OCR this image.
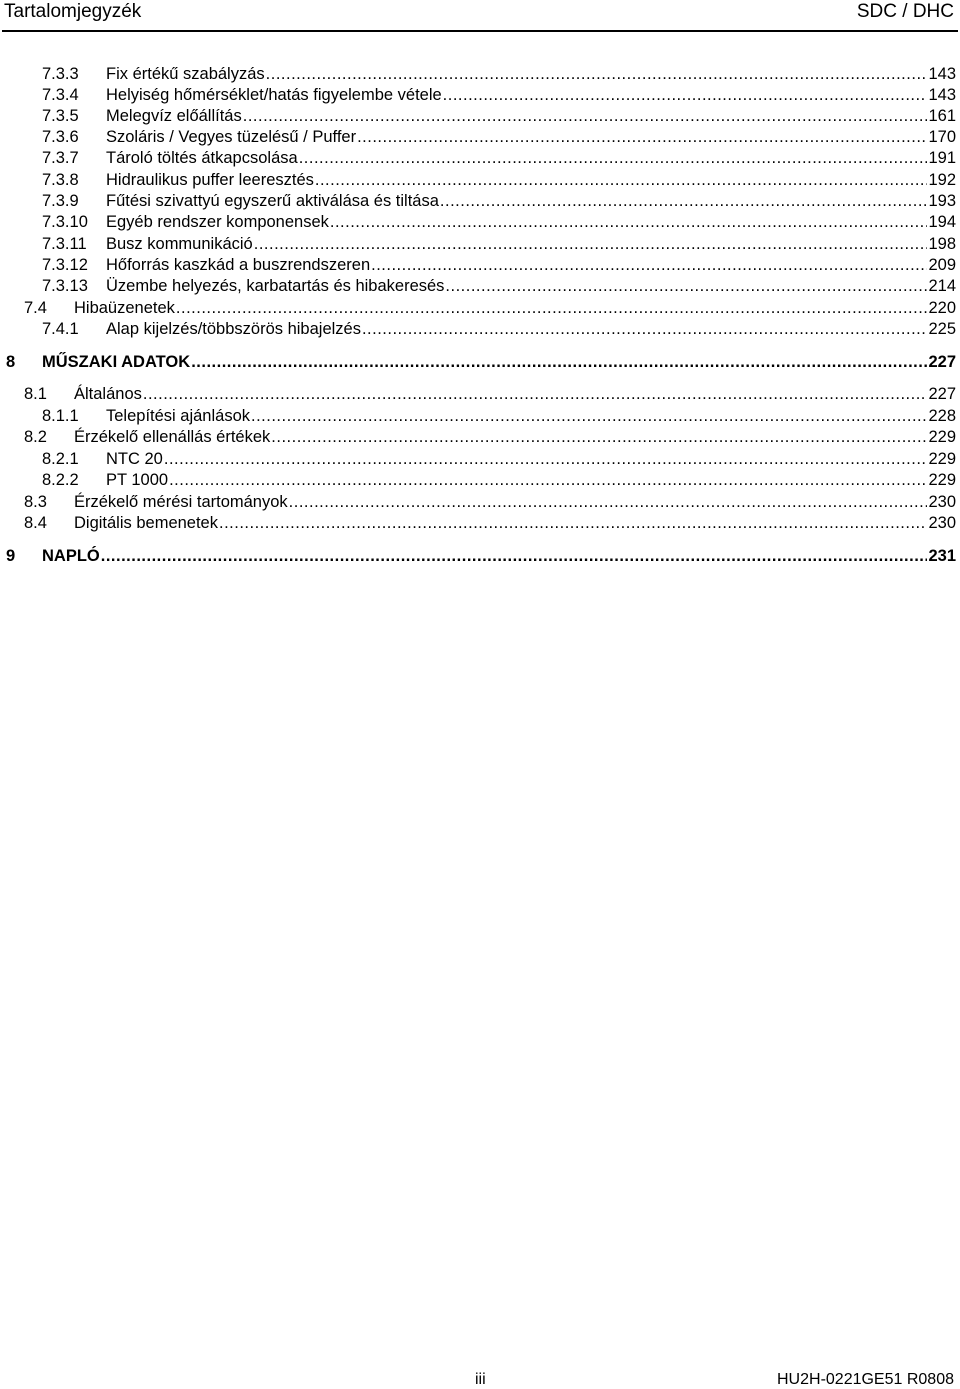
Tartalomjegyzék	SDC / DHC
7.3.3 Fix értékű szabályzás .....	143
7.3.4 Helyiség hőmérséklet/hatás figyelembe vétele .....	143
7.3.5 Melegvíz előállítás .....	161
7.3.6 Szoláris / Vegyes tüzelésű / Puffer .....	170
7.3.7 Tároló töltés átkapcsolása .....	191
7.3.8 Hidraulikus puffer leeresztés .....	192
7.3.9 Fűtési szivattyú egyszerű aktiválása és tiltása .....	193
7.3.10 Egyéb rendszer komponensek .....	194
7.3.11 Busz kommunikáció .....	198
7.3.12 Hőforrás kaszkád a buszrendszeren .....	209
7.3.13 Üzembe helyezés, karbatartás és hibakeresés .....	214
7.4 Hibaüzenetek .....	220
7.4.1 Alap kijelzés/többszörös hibajelzés .....	225
8 MŰSZAKI ADATOK .....	227
8.1 Általános .....	227
8.1.1 Telepítési ajánlások .....	228
8.2 Érzékelő ellenállás értékek .....	229
8.2.1 NTC 20 .....	229
8.2.2 PT 1000 .....	229
8.3 Érzékelő mérési tartományok .....	230
8.4 Digitális bemenetek .....	230
9 NAPLÓ .....	231
iii	HU2H-0221GE51 R0808
